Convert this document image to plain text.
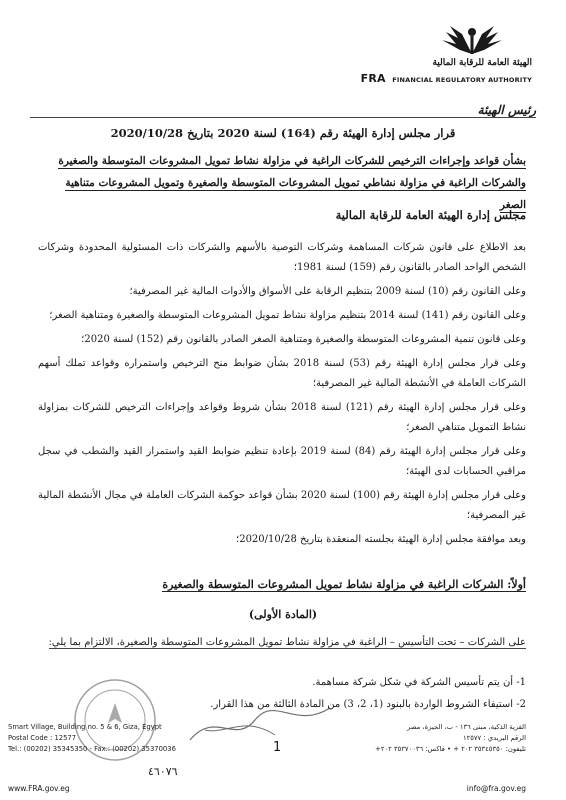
الهيئة العامة للرقابة المالية
FRA FINANCIAL REGULATORY AUTHORITY
رئيس الهيئة
قرار مجلس إدارة الهيئة رقم (164) لسنة 2020 بتاريخ 2020/10/28
بشأن قواعد وإجراءات الترخيص للشركات الراغبة في مزاولة نشاط تمويل المشروعات المتوسطة والصغيرة
والشركات الراغبة في مزاولة نشاطي تمويل المشروعات المتوسطة والصغيرة وتمويل المشروعات متناهية الصغر
مجلس إدارة الهيئة العامة للرقابة المالية

بعد الاطلاع على قانون شركات المساهمة وشركات التوصية بالأسهم والشركات ذات المسئولية المحدودة وشركات الشخص الواحد الصادر بالقانون رقم (159) لسنة 1981؛

وعلى القانون رقم (10) لسنة 2009 بتنظيم الرقابة على الأسواق والأدوات المالية غير المصرفية؛

وعلى القانون رقم (141) لسنة 2014 بتنظيم مزاولة نشاط تمويل المشروعات المتوسطة والصغيرة ومتناهية الصغر؛

وعلى قانون تنمية المشروعات المتوسطة والصغيرة ومتناهية الصغر الصادر بالقانون رقم (152) لسنة 2020؛

وعلى قرار مجلس إدارة الهيئة رقم (53) لسنة 2018 بشأن ضوابط منح الترخيص واستمراره وقواعد تملك أسهم الشركات العاملة في الأنشطة المالية غير المصرفية؛

وعلى قرار مجلس إدارة الهيئة رقم (121) لسنة 2018 بشأن شروط وقواعد وإجراءات الترخيص للشركات بمزاولة نشاط التمويل متناهي الصغر؛

وعلى قرار مجلس إدارة الهيئة رقم (84) لسنة 2019 بإعادة تنظيم ضوابط القيد واستمرار القيد والشطب في سجل مراقبي الحسابات لدى الهيئة؛

وعلى قرار مجلس إدارة الهيئة رقم (100) لسنة 2020 بشأن قواعد حوكمة الشركات العاملة في مجال الأنشطة المالية غير المصرفية؛

وبعد موافقة مجلس إدارة الهيئة بجلسته المنعقدة بتاريخ 2020/10/28؛

أولاً: الشركات الراغبة في مزاولة نشاط تمويل المشروعات المتوسطة والصغيرة
(المادة الأولى)
على الشركات – تحت التأسيس – الراغبة في مزاولة نشاط تمويل المشروعات المتوسطة والصغيرة، الالتزام بما يلي:
1- أن يتم تأسيس الشركة في شكل شركة مساهمة.
2- استيفاء الشروط الواردة بالبنود (1، 2، 3) من المادة الثالثة من هذا القرار.
1
٤٦٠٧٦
Smart Village, Building no. 5 & 6, Giza, Egypt
Postal Code : 12577
Tel.: (00202) 35345350 - Fax.: (00202) 35370036
القرية الذكية، مبنى ١٣٦ - ب، الجيزة، مصر
الرقم البريدي : ١٢٥٧٧
تليفون: ٣٥٣٤٥٣٥٠ ٢٠٢ + • فاكس: ٣٥٣٧٠٠٣٦ ٢٠٢+
www.FRA.gov.eg	info@fra.gov.eg
